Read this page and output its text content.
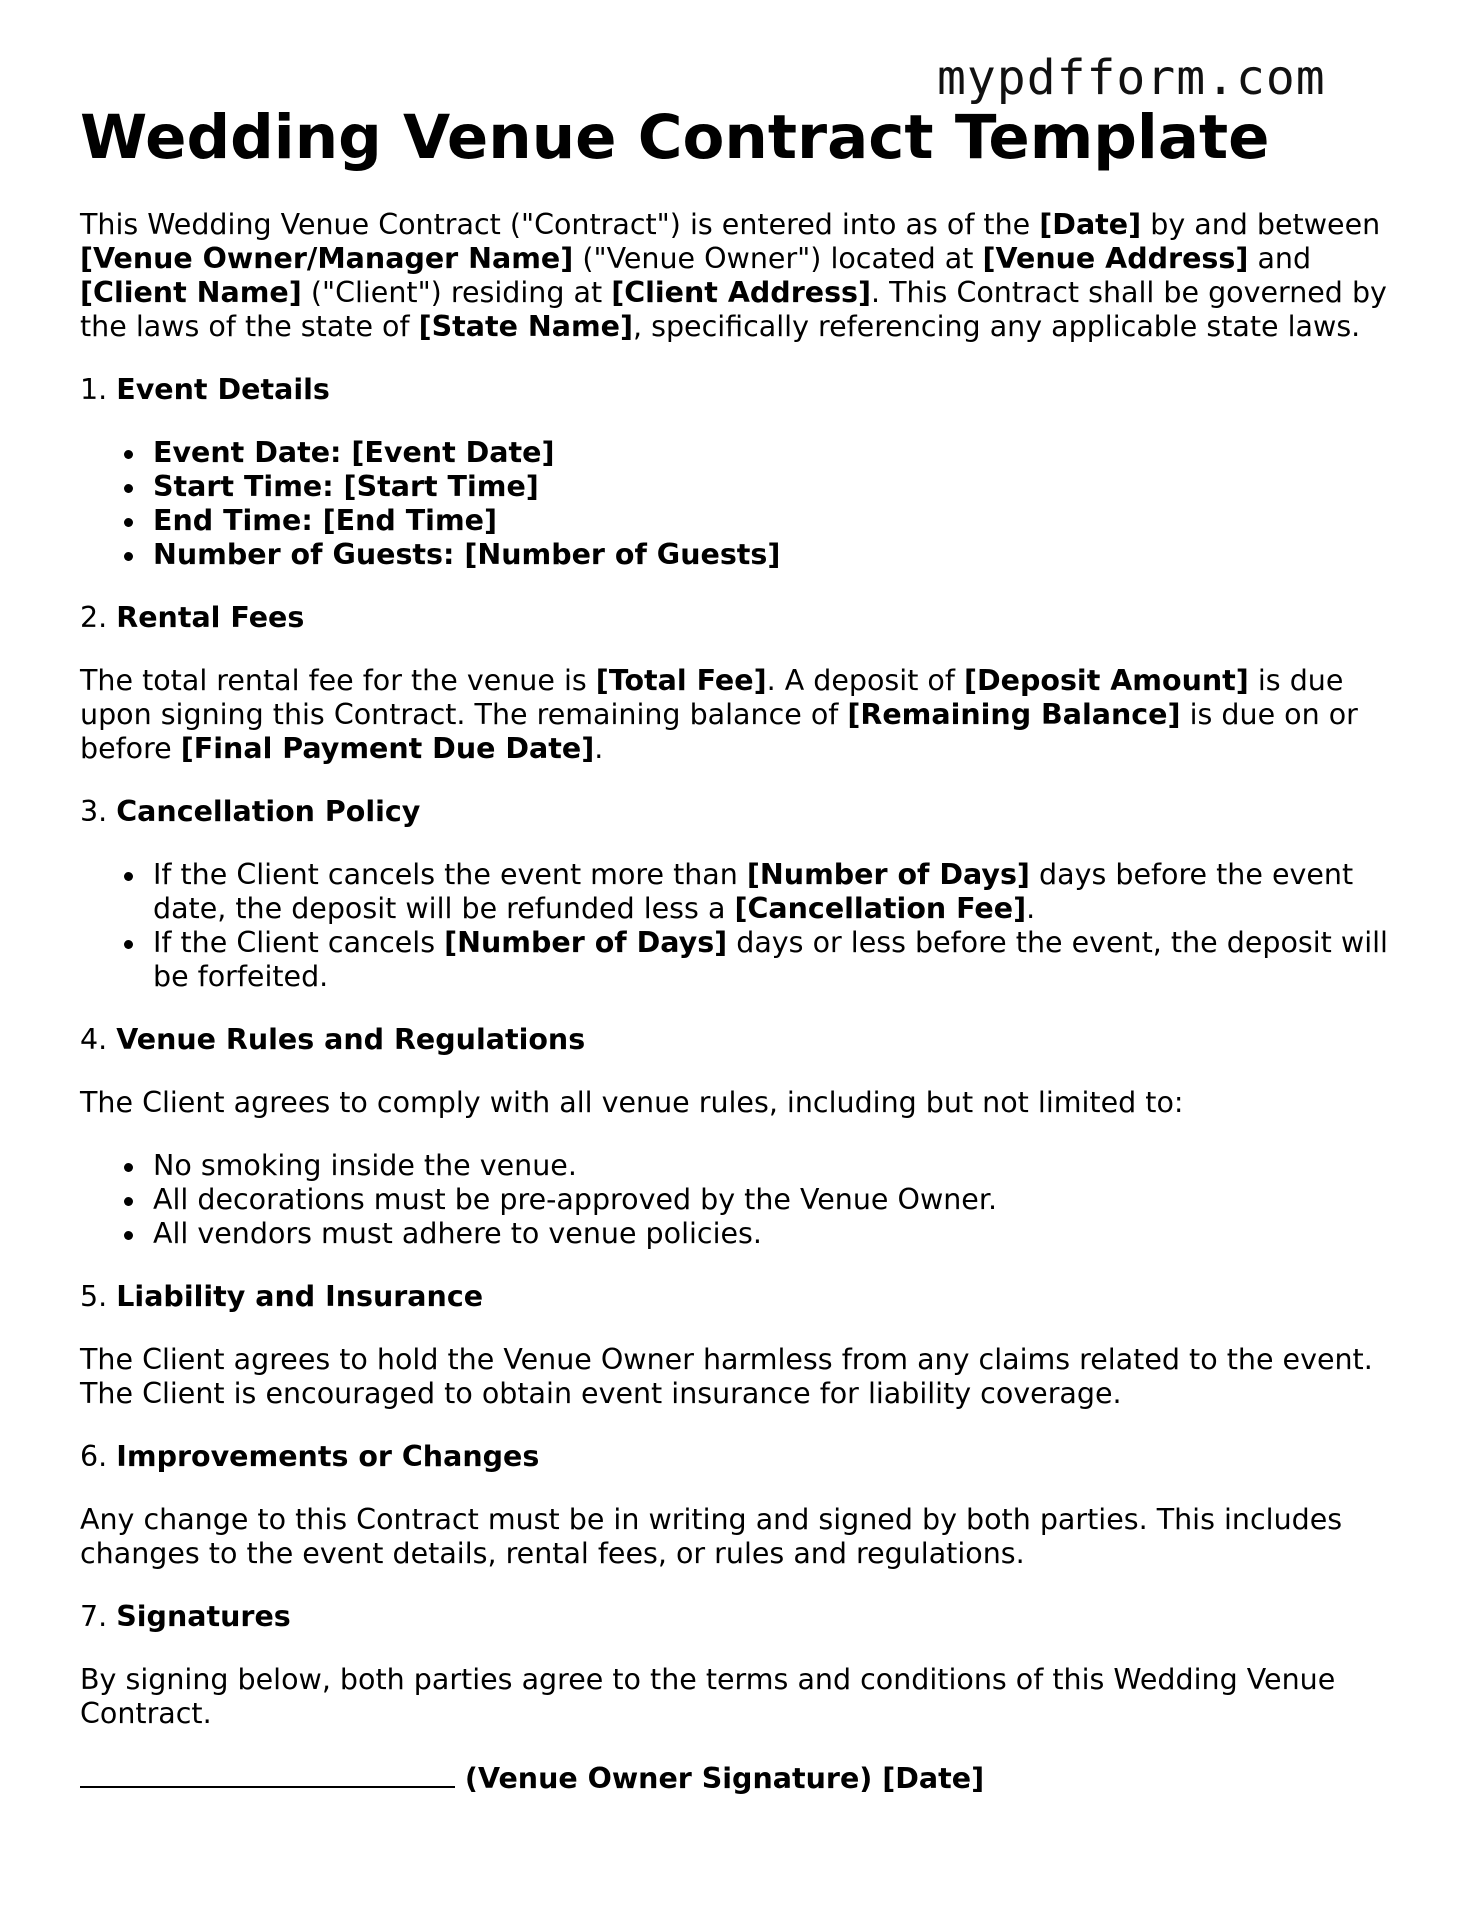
mypdfform.com
Wedding Venue Contract Template

This Wedding Venue Contract ("Contract") is entered into as of the [Date] by and between [Venue Owner/Manager Name] ("Venue Owner") located at [Venue Address] and [Client Name] ("Client") residing at [Client Address]. This Contract shall be governed by the laws of the state of [State Name], specifically referencing any applicable state laws.

1. Event Details
Event Date: [Event Date]
Start Time: [Start Time]
End Time: [End Time]
Number of Guests: [Number of Guests]
2. Rental Fees

The total rental fee for the venue is [Total Fee]. A deposit of [Deposit Amount] is due upon signing this Contract. The remaining balance of [Remaining Balance] is due on or before [Final Payment Due Date].

3. Cancellation Policy
If the Client cancels the event more than [Number of Days] days before the event date, the deposit will be refunded less a [Cancellation Fee].
If the Client cancels [Number of Days] days or less before the event, the deposit will be forfeited.
4. Venue Rules and Regulations

The Client agrees to comply with all venue rules, including but not limited to:

No smoking inside the venue.
All decorations must be pre-approved by the Venue Owner.
All vendors must adhere to venue policies.
5. Liability and Insurance

The Client agrees to hold the Venue Owner harmless from any claims related to the event. The Client is encouraged to obtain event insurance for liability coverage.

6. Improvements or Changes

Any change to this Contract must be in writing and signed by both parties. This includes changes to the event details, rental fees, or rules and regulations.

7. Signatures

By signing below, both parties agree to the terms and conditions of this Wedding Venue Contract.

(Venue Owner Signature) [Date]
